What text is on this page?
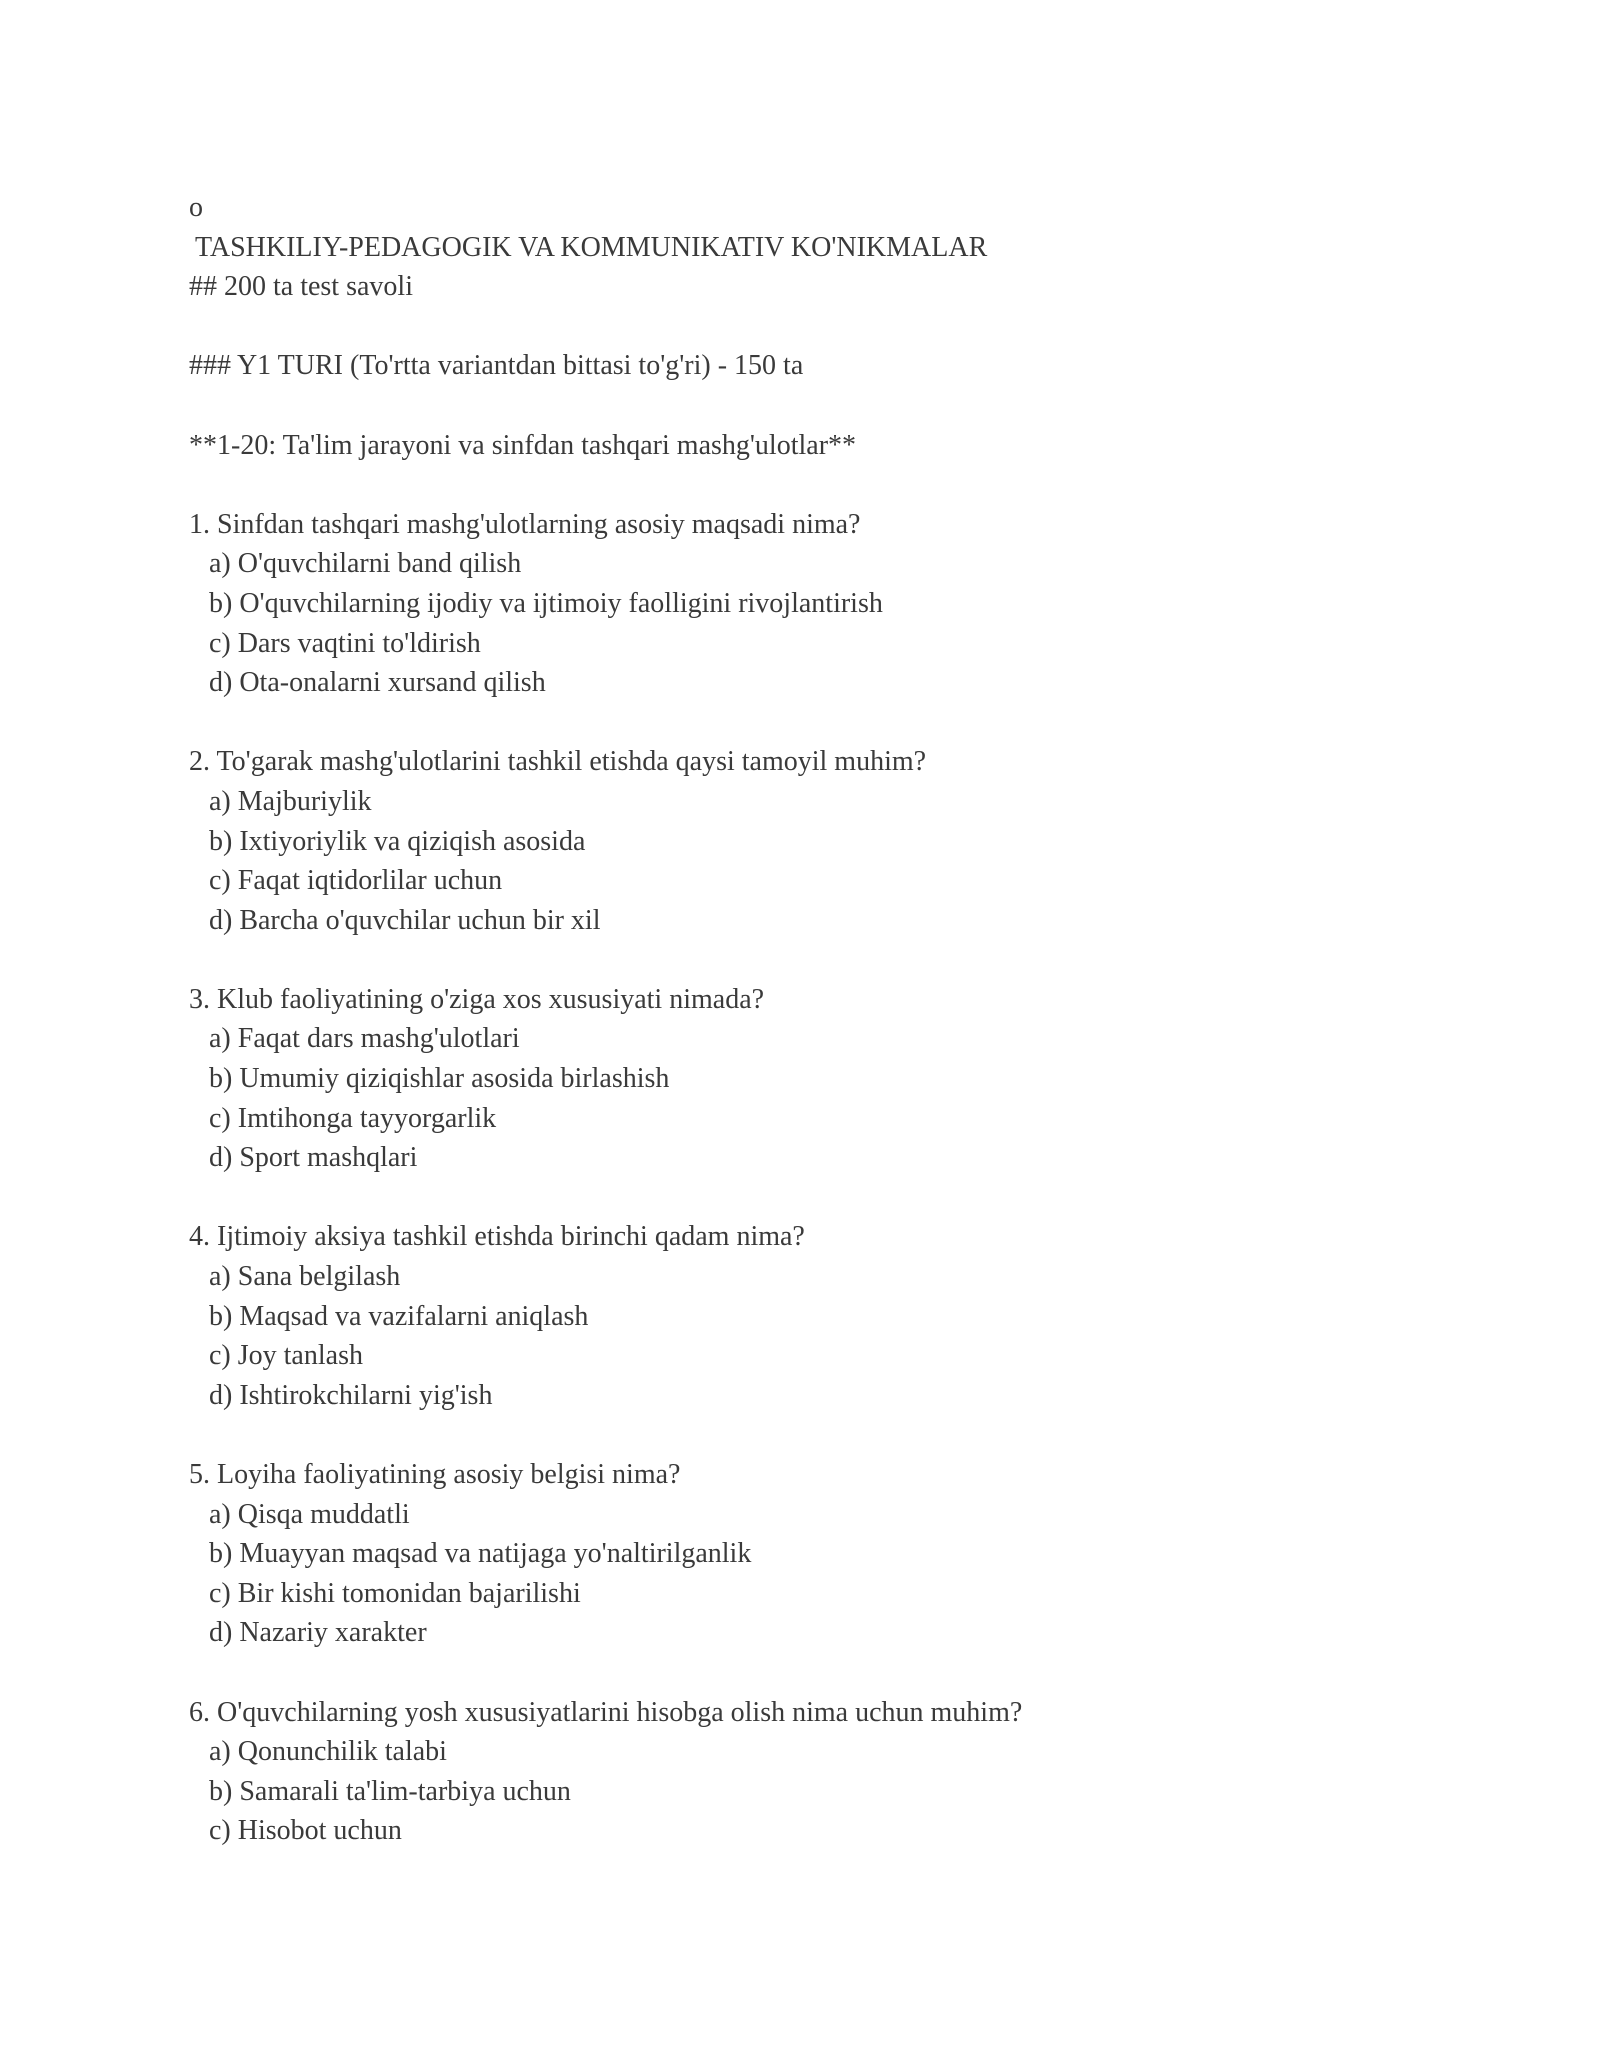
o
TASHKILIY-PEDAGOGIK VA KOMMUNIKATIV KO'NIKMALAR
## 200 ta test savoli
### Y1 TURI (To'rtta variantdan bittasi to'g'ri) - 150 ta
**1-20: Ta'lim jarayoni va sinfdan tashqari mashg'ulotlar**
1. Sinfdan tashqari mashg'ulotlarning asosiy maqsadi nima?
a) O'quvchilarni band qilish
b) O'quvchilarning ijodiy va ijtimoiy faolligini rivojlantirish
c) Dars vaqtini to'ldirish
d) Ota-onalarni xursand qilish
2. To'garak mashg'ulotlarini tashkil etishda qaysi tamoyil muhim?
a) Majburiylik
b) Ixtiyoriylik va qiziqish asosida
c) Faqat iqtidorlilar uchun
d) Barcha o'quvchilar uchun bir xil
3. Klub faoliyatining o'ziga xos xususiyati nimada?
a) Faqat dars mashg'ulotlari
b) Umumiy qiziqishlar asosida birlashish
c) Imtihonga tayyorgarlik
d) Sport mashqlari
4. Ijtimoiy aksiya tashkil etishda birinchi qadam nima?
a) Sana belgilash
b) Maqsad va vazifalarni aniqlash
c) Joy tanlash
d) Ishtirokchilarni yig'ish
5. Loyiha faoliyatining asosiy belgisi nima?
a) Qisqa muddatli
b) Muayyan maqsad va natijaga yo'naltirilganlik
c) Bir kishi tomonidan bajarilishi
d) Nazariy xarakter
6. O'quvchilarning yosh xususiyatlarini hisobga olish nima uchun muhim?
a) Qonunchilik talabi
b) Samarali ta'lim-tarbiya uchun
c) Hisobot uchun
